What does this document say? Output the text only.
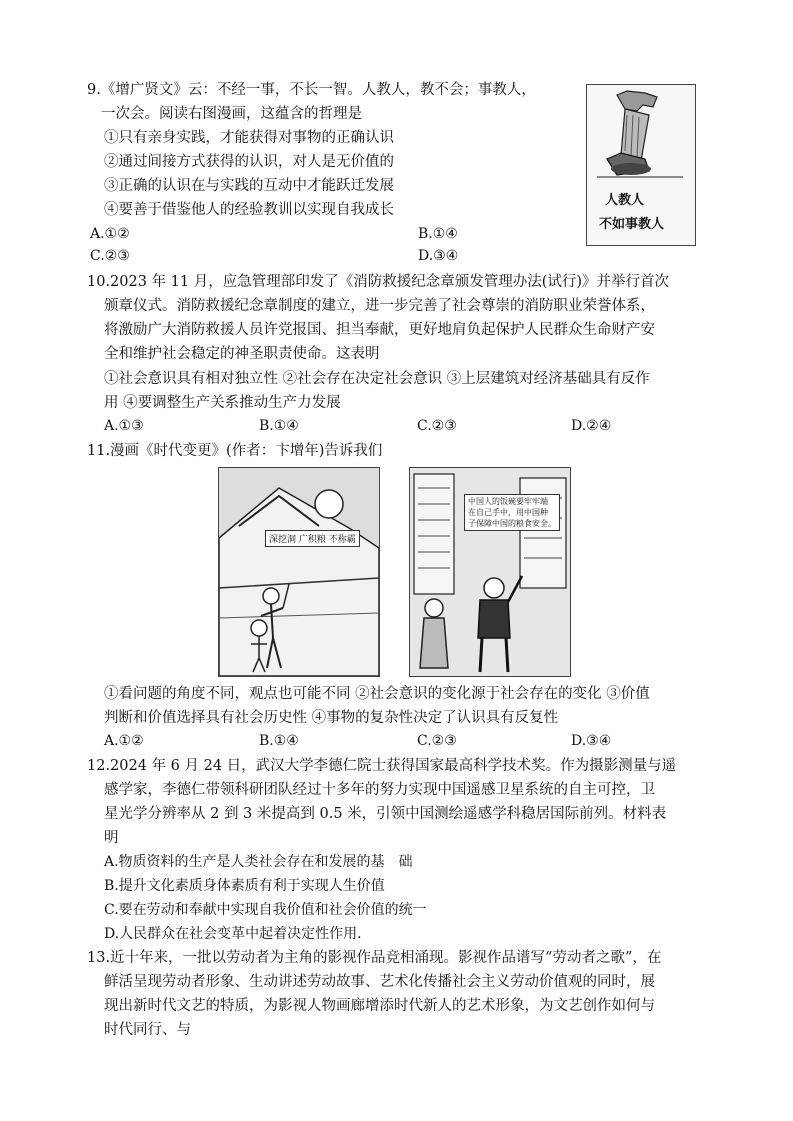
9.《增广贤文》云：不经一事，不长一智。人教人，教不会；事教人，
一次会。阅读右图漫画，这蕴含的哲理是
①只有亲身实践，才能获得对事物的正确认识
②通过间接方式获得的认识，对人是无价值的
③正确的认识在与实践的互动中才能跃迁发展
④要善于借鉴他人的经验教训以实现自我成长
A.①②	B.①④
C.②③	D.③④
人教人
不如事教人
10.2023 年 11 月，应急管理部印发了《消防救援纪念章颁发管理办法(试行)》并举行首次
颁章仪式。消防救援纪念章制度的建立，进一步完善了社会尊崇的消防职业荣誉体系，
将激励广大消防救援人员许党报国、担当奉献，更好地肩负起保护人民群众生命财产安
全和维护社会稳定的神圣职责使命。这表明
①社会意识具有相对独立性 ②社会存在决定社会意识 ③上层建筑对经济基础具有反作
用 ④要调整生产关系推动生产力发展
A.①③	B.①④	C.②③	D.②④
11.漫画《时代变更》(作者：卞增年)告诉我们
深挖洞 广积粮 不称霸
中国人的饭碗要牢牢端
在自己手中，用中国种
子保障中国的粮食安全。
①看问题的角度不同，观点也可能不同 ②社会意识的变化源于社会存在的变化 ③价值
判断和价值选择具有社会历史性 ④事物的复杂性决定了认识具有反复性
A.①②	B.①④	C.②③	D.③④
12.2024 年 6 月 24 日，武汉大学李德仁院士获得国家最高科学技术奖。作为摄影测量与遥
感学家，李德仁带领科研团队经过十多年的努力实现中国遥感卫星系统的自主可控，卫
星光学分辨率从 2 到 3 米提高到 0.5 米，引领中国测绘遥感学科稳居国际前列。材料表
明
A.物质资料的生产是人类社会存在和发展的基　础
B.提升文化素质身体素质有利于实现人生价值
C.要在劳动和奉献中实现自我价值和社会价值的统一
D.人民群众在社会变革中起着决定性作用.
13.近十年来，一批以劳动者为主角的影视作品竞相涌现。影视作品谱写“劳动者之歌”，在
鲜活呈现劳动者形象、生动讲述劳动故事、艺术化传播社会主义劳动价值观的同时，展
现出新时代文艺的特质，为影视人物画廊增添时代新人的艺术形象，为文艺创作如何与
时代同行、与
